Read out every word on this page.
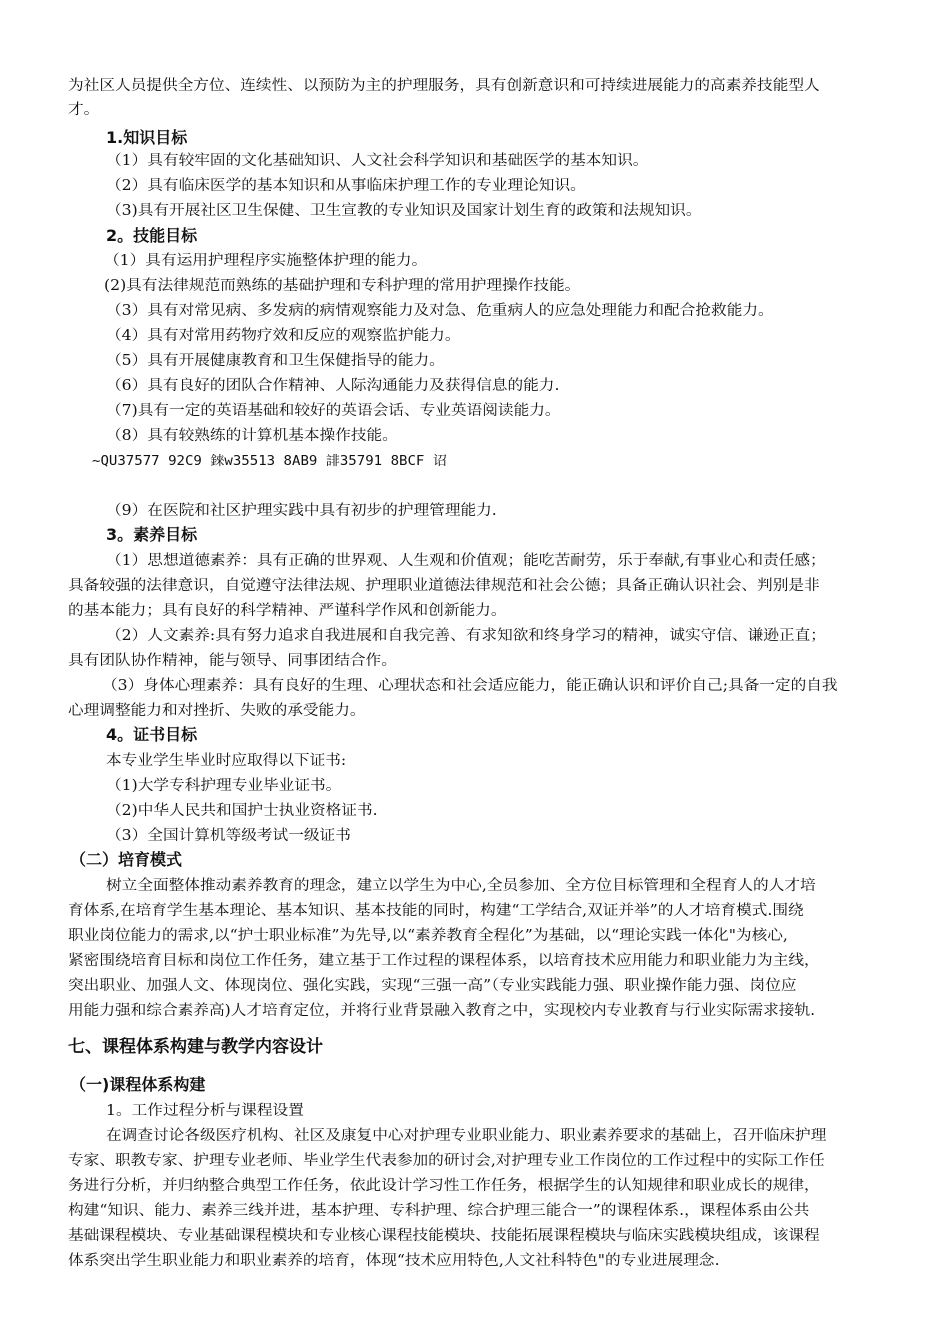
为社区人员提供全方位、连续性、以预防为主的护理服务，具有创新意识和可持续进展能力的高素养技能型人
才。
1.知识目标
（1）具有较牢固的文化基础知识、人文社会科学知识和基础医学的基本知识。
（2）具有临床医学的基本知识和从事临床护理工作的专业理论知识。
（3)具有开展社区卫生保健、卫生宣教的专业知识及国家计划生育的政策和法规知识。
2。技能目标
（1）具有运用护理程序实施整体护理的能力。
(2)具有法律规范而熟练的基础护理和专科护理的常用护理操作技能。
（3）具有对常见病、多发病的病情观察能力及对急、危重病人的应急处理能力和配合抢救能力。
（4）具有对常用药物疗效和反应的观察监护能力。
（5）具有开展健康教育和卫生保健指导的能力。
（6）具有良好的团队合作精神、人际沟通能力及获得信息的能力.
（7)具有一定的英语基础和较好的英语会话、专业英语阅读能力。
（8）具有较熟练的计算机基本操作技能。
~QU37577 92C9 錸w35513 8AB9 誹35791 8BCF 诏
（9）在医院和社区护理实践中具有初步的护理管理能力.
3。素养目标
（1）思想道德素养：具有正确的世界观、人生观和价值观；能吃苦耐劳，乐于奉献,有事业心和责任感；
具备较强的法律意识，自觉遵守法律法规、护理职业道德法律规范和社会公德；具备正确认识社会、判别是非
的基本能力；具有良好的科学精神、严谨科学作风和创新能力。
（2）人文素养:具有努力追求自我进展和自我完善、有求知欲和终身学习的精神，诚实守信、谦逊正直；
具有团队协作精神，能与领导、同事团结合作。
（3）身体心理素养：具有良好的生理、心理状态和社会适应能力，能正确认识和评价自己;具备一定的自我
心理调整能力和对挫折、失败的承受能力。
4。证书目标
本专业学生毕业时应取得以下证书:
（1)大学专科护理专业毕业证书。
（2)中华人民共和国护士执业资格证书.
（3）全国计算机等级考试一级证书
（二）培育模式
树立全面整体推动素养教育的理念，建立以学生为中心,全员参加、全方位目标管理和全程育人的人才培
育体系,在培育学生基本理论、基本知识、基本技能的同时，构建“工学结合,双证并举”的人才培育模式.围绕
职业岗位能力的需求,以“护士职业标准”为先导,以“素养教育全程化”为基础，以“理论实践一体化"为核心,
紧密围绕培育目标和岗位工作任务，建立基于工作过程的课程体系，以培育技术应用能力和职业能力为主线，
突出职业、加强人文、体现岗位、强化实践，实现“三强一高”（专业实践能力强、职业操作能力强、岗位应
用能力强和综合素养高)人才培育定位，并将行业背景融入教育之中，实现校内专业教育与行业实际需求接轨.
七、课程体系构建与教学内容设计
（一)课程体系构建
1。工作过程分析与课程设置
在调查讨论各级医疗机构、社区及康复中心对护理专业职业能力、职业素养要求的基础上，召开临床护理
专家、职教专家、护理专业老师、毕业学生代表参加的研讨会,对护理专业工作岗位的工作过程中的实际工作任
务进行分析，并归纳整合典型工作任务，依此设计学习性工作任务，根据学生的认知规律和职业成长的规律，
构建“知识、能力、素养三线并进，基本护理、专科护理、综合护理三能合一”的课程体系.，课程体系由公共
基础课程模块、专业基础课程模块和专业核心课程技能模块、技能拓展课程模块与临床实践模块组成，该课程
体系突出学生职业能力和职业素养的培育，体现“技术应用特色,人文社科特色"的专业进展理念.
